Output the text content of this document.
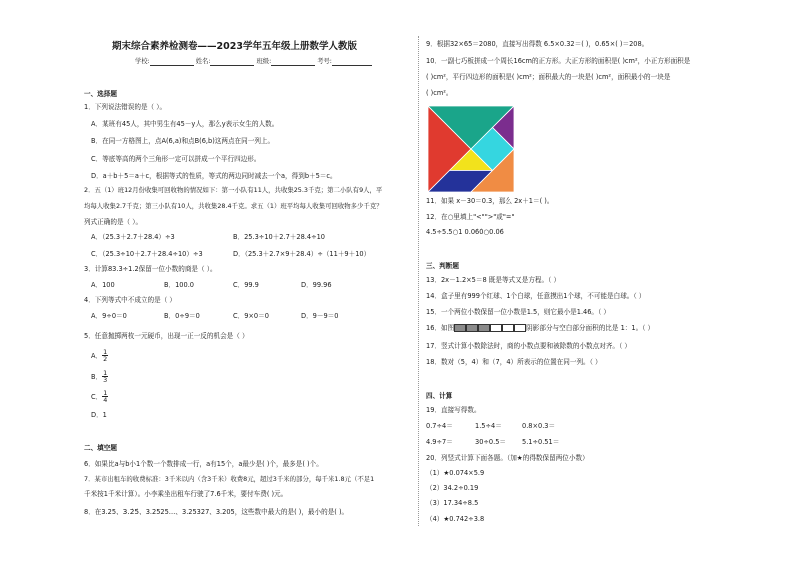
期末综合素养检测卷——2023学年五年级上册数学人教版
学校:	姓名:	班级:	考号:
一、选择题
1．下列说法错误的是（ ）。
A．某班有45人，其中男生有45－y人，那么y表示女生的人数。
B．在同一方格图上，点A(6,a)和点B(6,b)这两点在同一列上。
C．等底等高的两个三角形一定可以拼成一个平行四边形。
D．a＋b＋5＝a＋c，根据等式的性质，等式的两边同时减去一个a，得到b＋5＝c。
2．五（1）班12月份收集可回收物的情况如下：第一小队有11人，共收集25.3千克；第二小队有9人，平
均每人收集2.7千克；第三小队有10人，共收集28.4千克。求五（1）班平均每人收集可回收物多少千克？
列式正确的是（ ）。
A．（25.3＋2.7＋28.4）÷3	B．25.3÷10＋2.7＋28.4÷10
C．（25.3÷10＋2.7＋28.4÷10）÷3	D．（25.3＋2.7×9＋28.4）÷（11＋9＋10）
3．计算83.3÷1.2保留一位小数的商是（ ）。
A．100	B．100.0	C．99.9	D．99.96
4．下列等式中不成立的是（ ）
A．9÷0＝0	B．0÷9＝0	C．9×0＝0	D．9－9＝0
5．任意抛掷两枚一元硬币，出现一正一反的机会是（ ）
A． $\frac{1}{2}$
B． $\frac{1}{3}$
C． $\frac{1}{4}$
D．1
二、填空题
6．如果比a与b小1个数一个数排成一行，a有15个，a最少是( )个，最多是( )个。
7．某市出租车的收费标准：3千米以内（含3千米）收费8元，超过3千米的部分，每千米1.8元（不足1
千米按1千米计算）。小李乘坐出租车行驶了7.6千米，要付车费( )元。
8．在3.25、3.2̇5̇、3.2525…、3.25327、3.205，这些数中最大的是( )，最小的是( )。
9．根据32×65＝2080，直接写出得数 6.5×0.32＝( )，0.65×( )＝208。
10．一副七巧板拼成一个周长16cm的正方形。大正方形的面积是( )cm²，小正方形面积是
( )cm²，平行四边形的面积是( )cm²；面积最大的一块是( )cm²，面积最小的一块是
( )cm²。
11．如果 x－30＝0.3，那么 2x＋1＝( )。
12．在○里填上"<"">"或"="
4.5÷5.5○1 0.06̇0̇○0.0̇6̇
三、判断题
13．2x－1.2×5＝8 既是等式又是方程。（ ）
14．盒子里有999个红球、1个白球，任意摸出1个球，不可能是白球。（ ）
15．一个两位小数保留一位小数是1.5，则它最小是1.46。（ ）
16．如图	阴影部分与空白部分面积的比是 1：1。（ ）
17．竖式计算小数除法时，商的小数点要和被除数的小数点对齐。（ ）
18．数对（5，4）和（7，4）所表示的位置在同一列。（ ）
四、计算
19．直接写得数。
0.7÷4＝	1.5÷4＝	0.8×0.3＝
4.9÷7＝	30÷0.5＝ 5.1÷0.51＝
20．列竖式计算下面各题。（加★的得数保留两位小数）
（1）★0.074×5.9
（2）34.2÷0.19
（3）17.34÷8.5
（4）★0.742÷3.8
